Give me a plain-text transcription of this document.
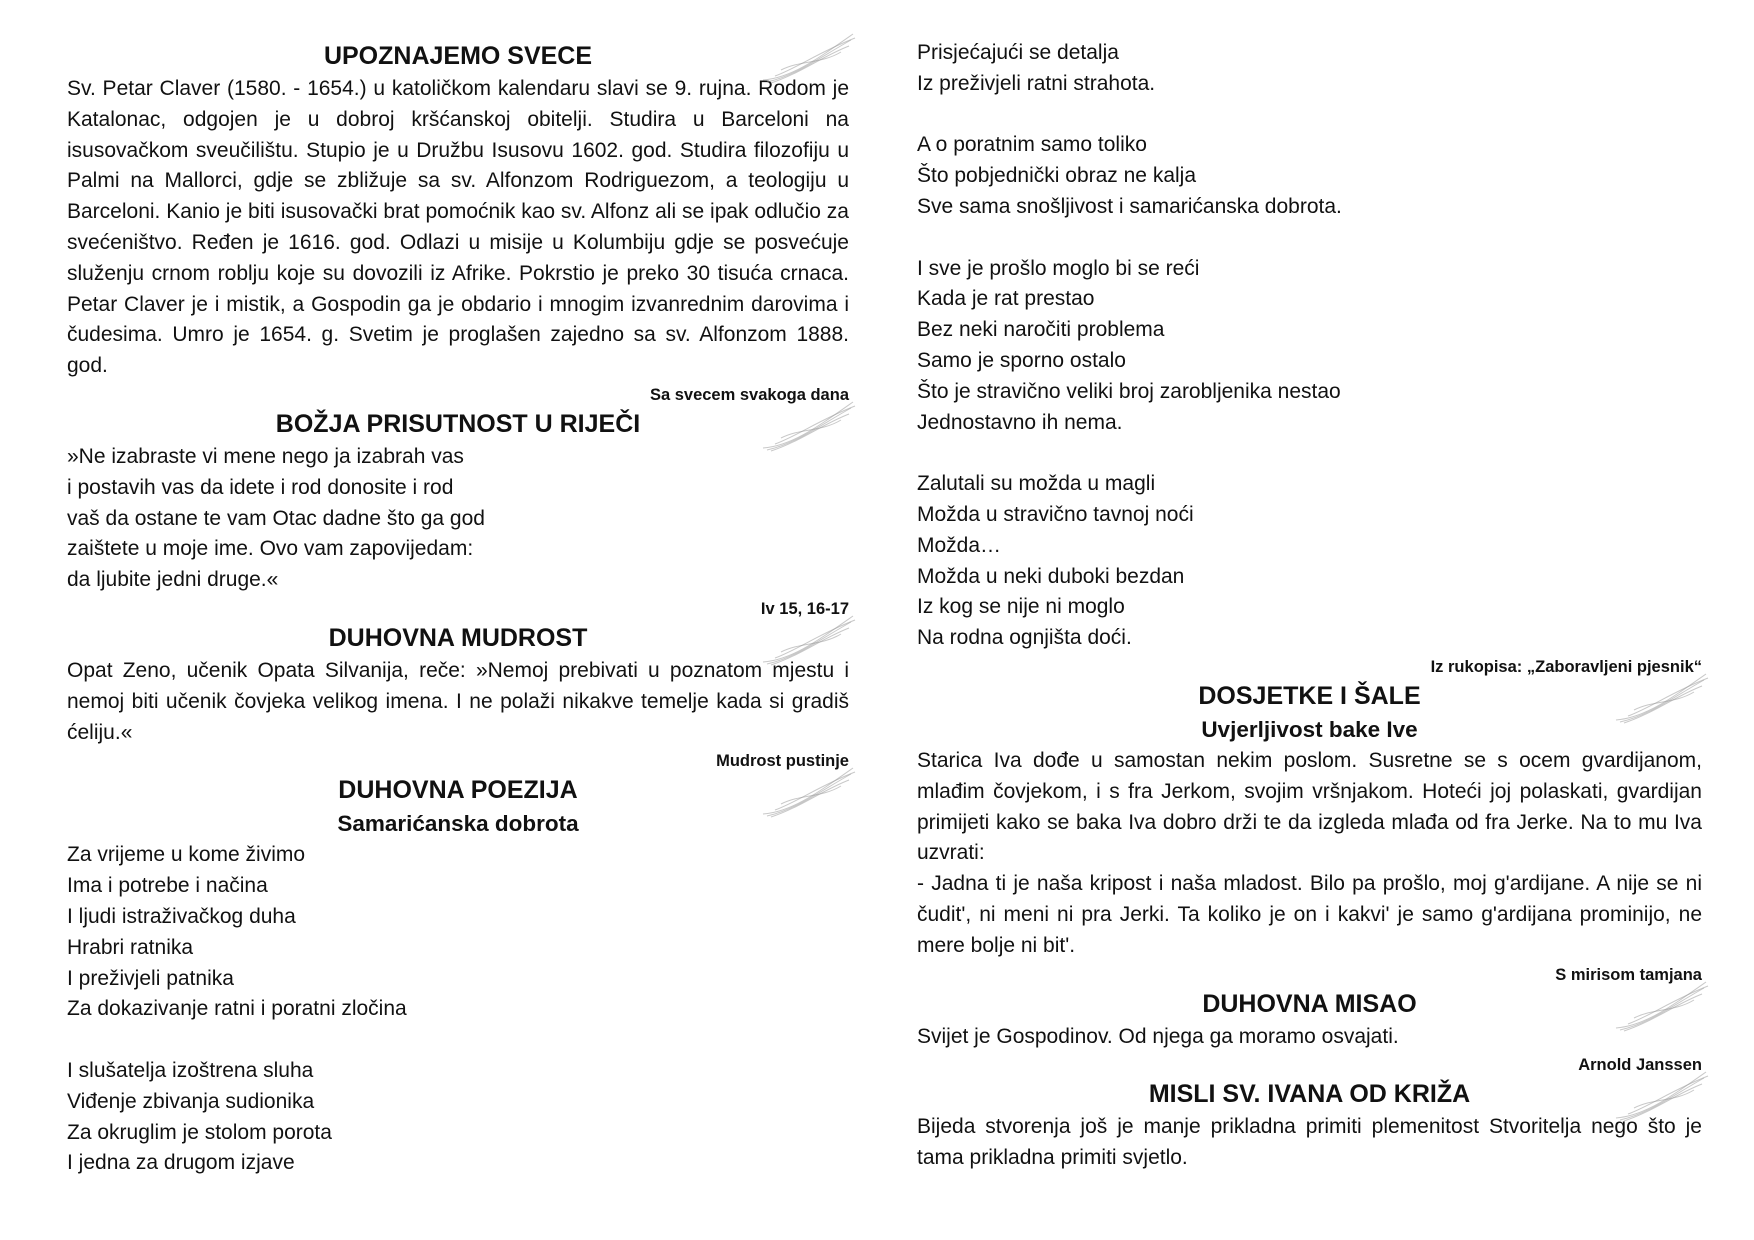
UPOZNAJEMO SVECE

Sv. Petar Claver (1580. - 1654.) u katoličkom kalendaru slavi se 9. rujna. Rodom je Katalonac, odgojen je u dobroj kršćanskoj obitelji. Studira u Barceloni na isusovačkom sveučilištu. Stupio je u Družbu Isusovu 1602. god. Studira filozofiju u Palmi na Mallorci, gdje se zbližuje sa sv. Alfonzom Rodriguezom, a teologiju u Barceloni. Kanio je biti isusovački brat pomoćnik kao sv. Alfonz ali se ipak odlučio za svećeništvo. Ređen je 1616. god. Odlazi u misije u Kolumbiju gdje se posvećuje služenju crnom roblju koje su dovozili iz Afrike. Pokrstio je preko 30 tisuća crnaca. Petar Claver je i mistik, a Gospodin ga je obdario i mnogim izvanrednim darovima i čudesima. Umro je 1654. g. Svetim je proglašen zajedno sa sv. Alfonzom 1888. god.

Sa svecem svakoga dana
BOŽJA PRISUTNOST U RIJEČI
»Ne izabraste vi mene nego ja izabrah vas
i postavih vas da idete i rod donosite i rod
vaš da ostane te vam Otac dadne što ga god
zaištete u moje ime. Ovo vam zapovijedam:
da ljubite jedni druge.«
Iv 15, 16-17
DUHOVNA MUDROST

Opat Zeno, učenik Opata Silvanija, reče: »Nemoj prebivati u poznatom mjestu i nemoj biti učenik čovjeka velikog imena. I ne polaži nikakve temelje kada si gradiš ćeliju.«

Mudrost pustinje
DUHOVNA POEZIJA
Samarićanska dobrota
Za vrijeme u kome živimo
Ima i potrebe i načina
I ljudi istraživačkog duha
Hrabri ratnika
I preživjeli patnika
Za dokazivanje ratni i poratni zločina
I slušatelja izoštrena sluha
Viđenje zbivanja sudionika
Za okruglim je stolom porota
I jedna za drugom izjave
Prisjećajući se detalja
Iz preživjeli ratni strahota.
A o poratnim samo toliko
Što pobjednički obraz ne kalja
Sve sama snošljivost i samarićanska dobrota.
I sve je prošlo moglo bi se reći
Kada je rat prestao
Bez neki naročiti problema
Samo je sporno ostalo
Što je stravično veliki broj zarobljenika nestao
Jednostavno ih nema.
Zalutali su možda u magli
Možda u stravično tavnoj noći
Možda…
Možda u neki duboki bezdan
Iz kog se nije ni moglo
Na rodna ognjišta doći.
Iz rukopisa: „Zaboravljeni pjesnik“
DOSJETKE I ŠALE
Uvjerljivost bake Ive

Starica Iva dođe u samostan nekim poslom. Susretne se s ocem gvardijanom, mlađim čovjekom, i s fra Jerkom, svojim vršnjakom. Hoteći joj polaskati, gvardijan primijeti kako se baka Iva dobro drži te da izgleda mlađa od fra Jerke. Na to mu Iva uzvrati:

- Jadna ti je naša kripost i naša mladost. Bilo pa prošlo, moj g'ardijane. A nije se ni čudit', ni meni ni pra Jerki. Ta koliko je on i kakvi' je samo g'ardijana prominijo, ne mere bolje ni bit'.

S mirisom tamjana
DUHOVNA MISAO

Svijet je Gospodinov. Od njega ga moramo osvajati.

Arnold Janssen
MISLI SV. IVANA OD KRIŽA

Bijeda stvorenja još je manje prikladna primiti plemenitost Stvoritelja nego što je tama prikladna primiti svjetlo.
